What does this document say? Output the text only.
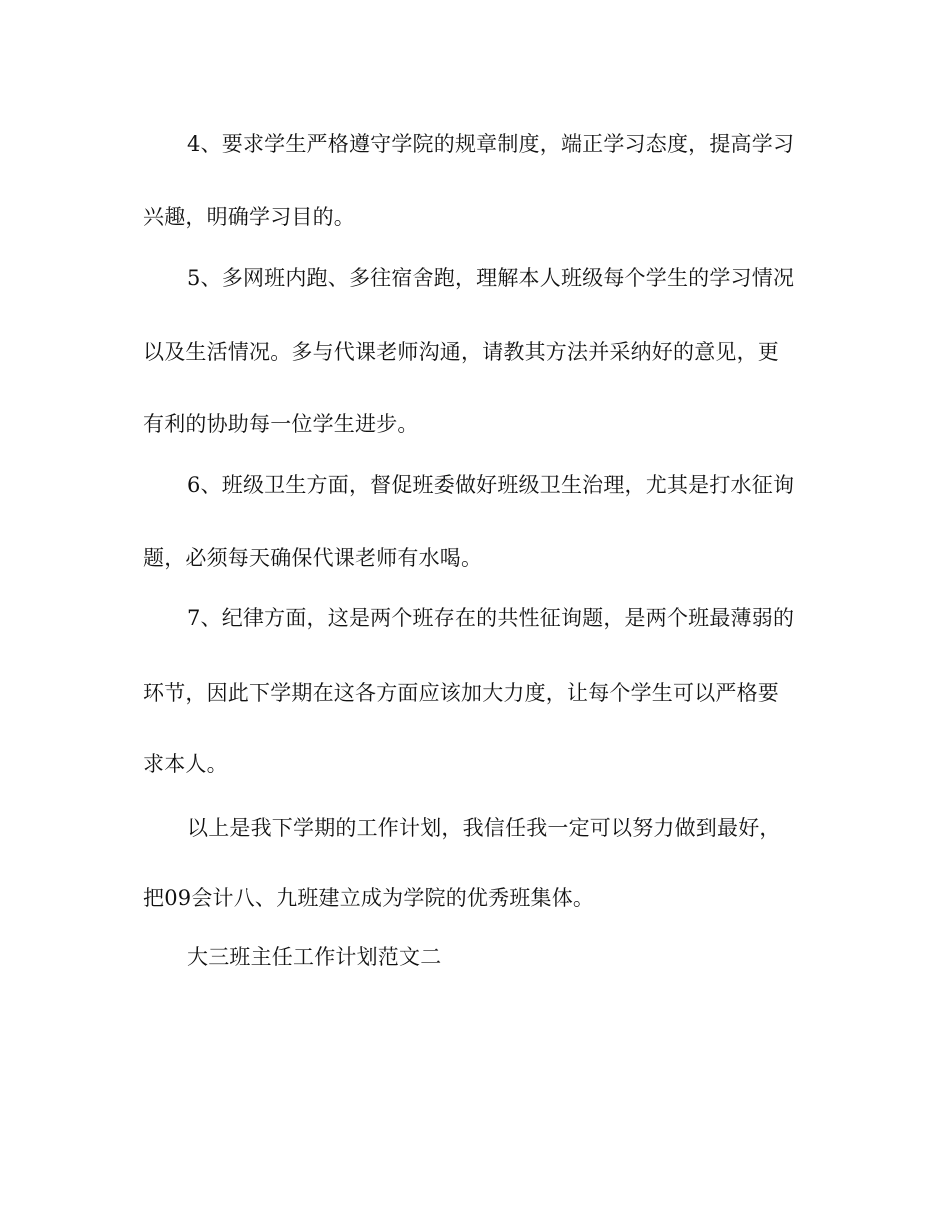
4、要求学生严格遵守学院的规章制度，端正学习态度，提高学习
兴趣，明确学习目的。
5、多网班内跑、多往宿舍跑，理解本人班级每个学生的学习情况
以及生活情况。多与代课老师沟通，请教其方法并采纳好的意见，更
有利的协助每一位学生进步。
6、班级卫生方面，督促班委做好班级卫生治理，尤其是打水征询
题，必须每天确保代课老师有水喝。
7、纪律方面，这是两个班存在的共性征询题，是两个班最薄弱的
环节，因此下学期在这各方面应该加大力度，让每个学生可以严格要
求本人。
以上是我下学期的工作计划，我信任我一定可以努力做到最好，
把09会计八、九班建立成为学院的优秀班集体。
大三班主任工作计划范文二
